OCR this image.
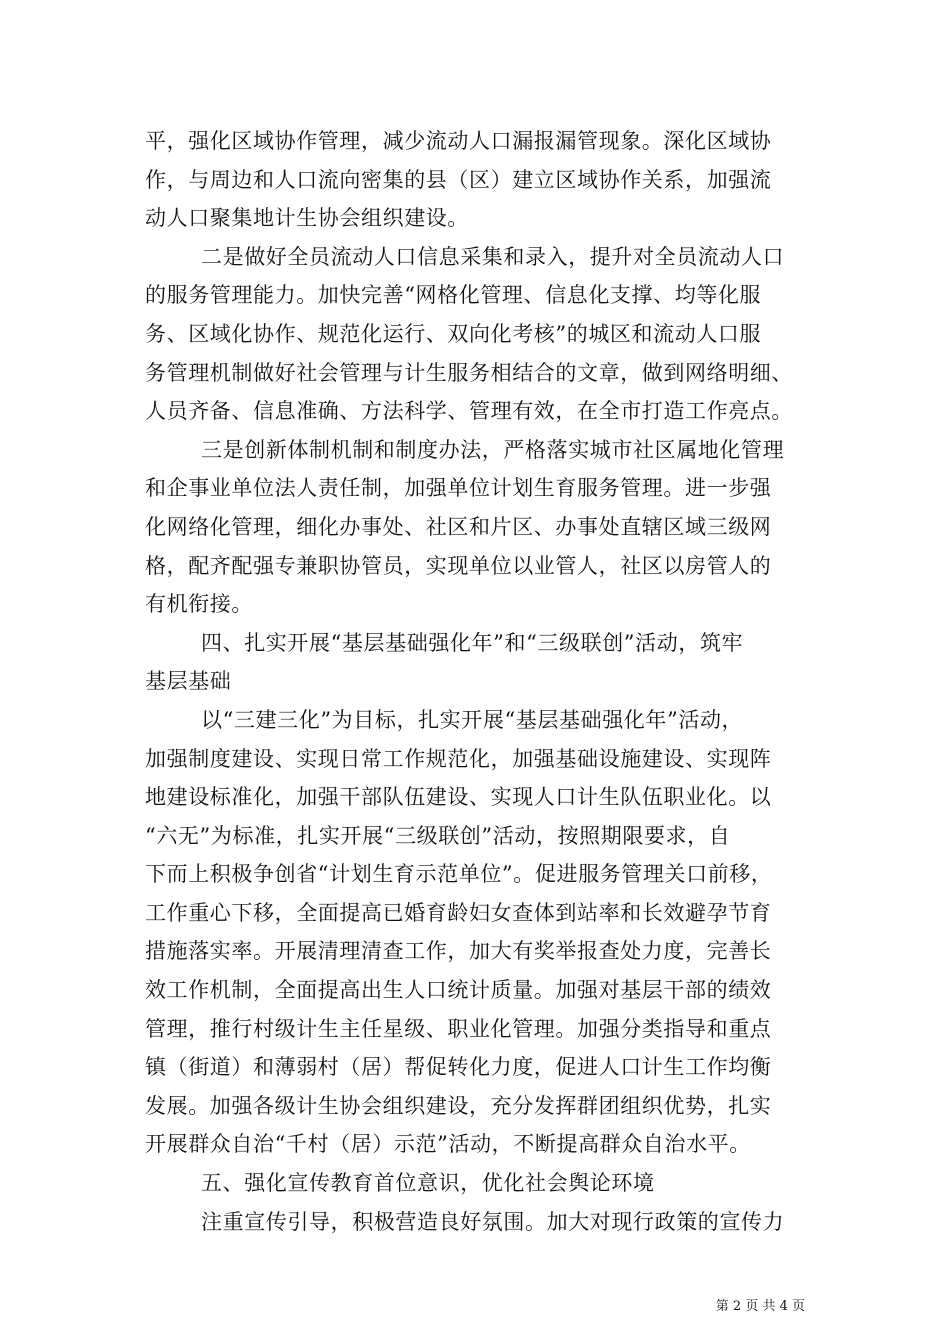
平，强化区域协作管理，减少流动人口漏报漏管现象。深化区域协
作，与周边和人口流向密集的县（区）建立区域协作关系，加强流
动人口聚集地计生协会组织建设。
二是做好全员流动人口信息采集和录入，提升对全员流动人口
的服务管理能力。加快完善“网格化管理、信息化支撑、均等化服
务、区域化协作、规范化运行、双向化考核”的城区和流动人口服
务管理机制做好社会管理与计生服务相结合的文章，做到网络明细、
人员齐备、信息准确、方法科学、管理有效，在全市打造工作亮点。
三是创新体制机制和制度办法，严格落实城市社区属地化管理
和企事业单位法人责任制，加强单位计划生育服务管理。进一步强
化网络化管理，细化办事处、社区和片区、办事处直辖区域三级网
格，配齐配强专兼职协管员，实现单位以业管人，社区以房管人的
有机衔接。
四、扎实开展“基层基础强化年”和“三级联创”活动，筑牢
基层基础
以“三建三化”为目标，扎实开展“基层基础强化年”活动，
加强制度建设、实现日常工作规范化，加强基础设施建设、实现阵
地建设标准化，加强干部队伍建设、实现人口计生队伍职业化。以
“六无”为标准，扎实开展“三级联创”活动，按照期限要求，自
下而上积极争创省“计划生育示范单位”。促进服务管理关口前移，
工作重心下移，全面提高已婚育龄妇女查体到站率和长效避孕节育
措施落实率。开展清理清查工作，加大有奖举报查处力度，完善长
效工作机制，全面提高出生人口统计质量。加强对基层干部的绩效
管理，推行村级计生主任星级、职业化管理。加强分类指导和重点
镇（街道）和薄弱村（居）帮促转化力度，促进人口计生工作均衡
发展。加强各级计生协会组织建设，充分发挥群团组织优势，扎实
开展群众自治“千村（居）示范”活动，不断提高群众自治水平。
五、强化宣传教育首位意识，优化社会舆论环境
注重宣传引导，积极营造良好氛围。加大对现行政策的宣传力
第 2 页 共 4 页
